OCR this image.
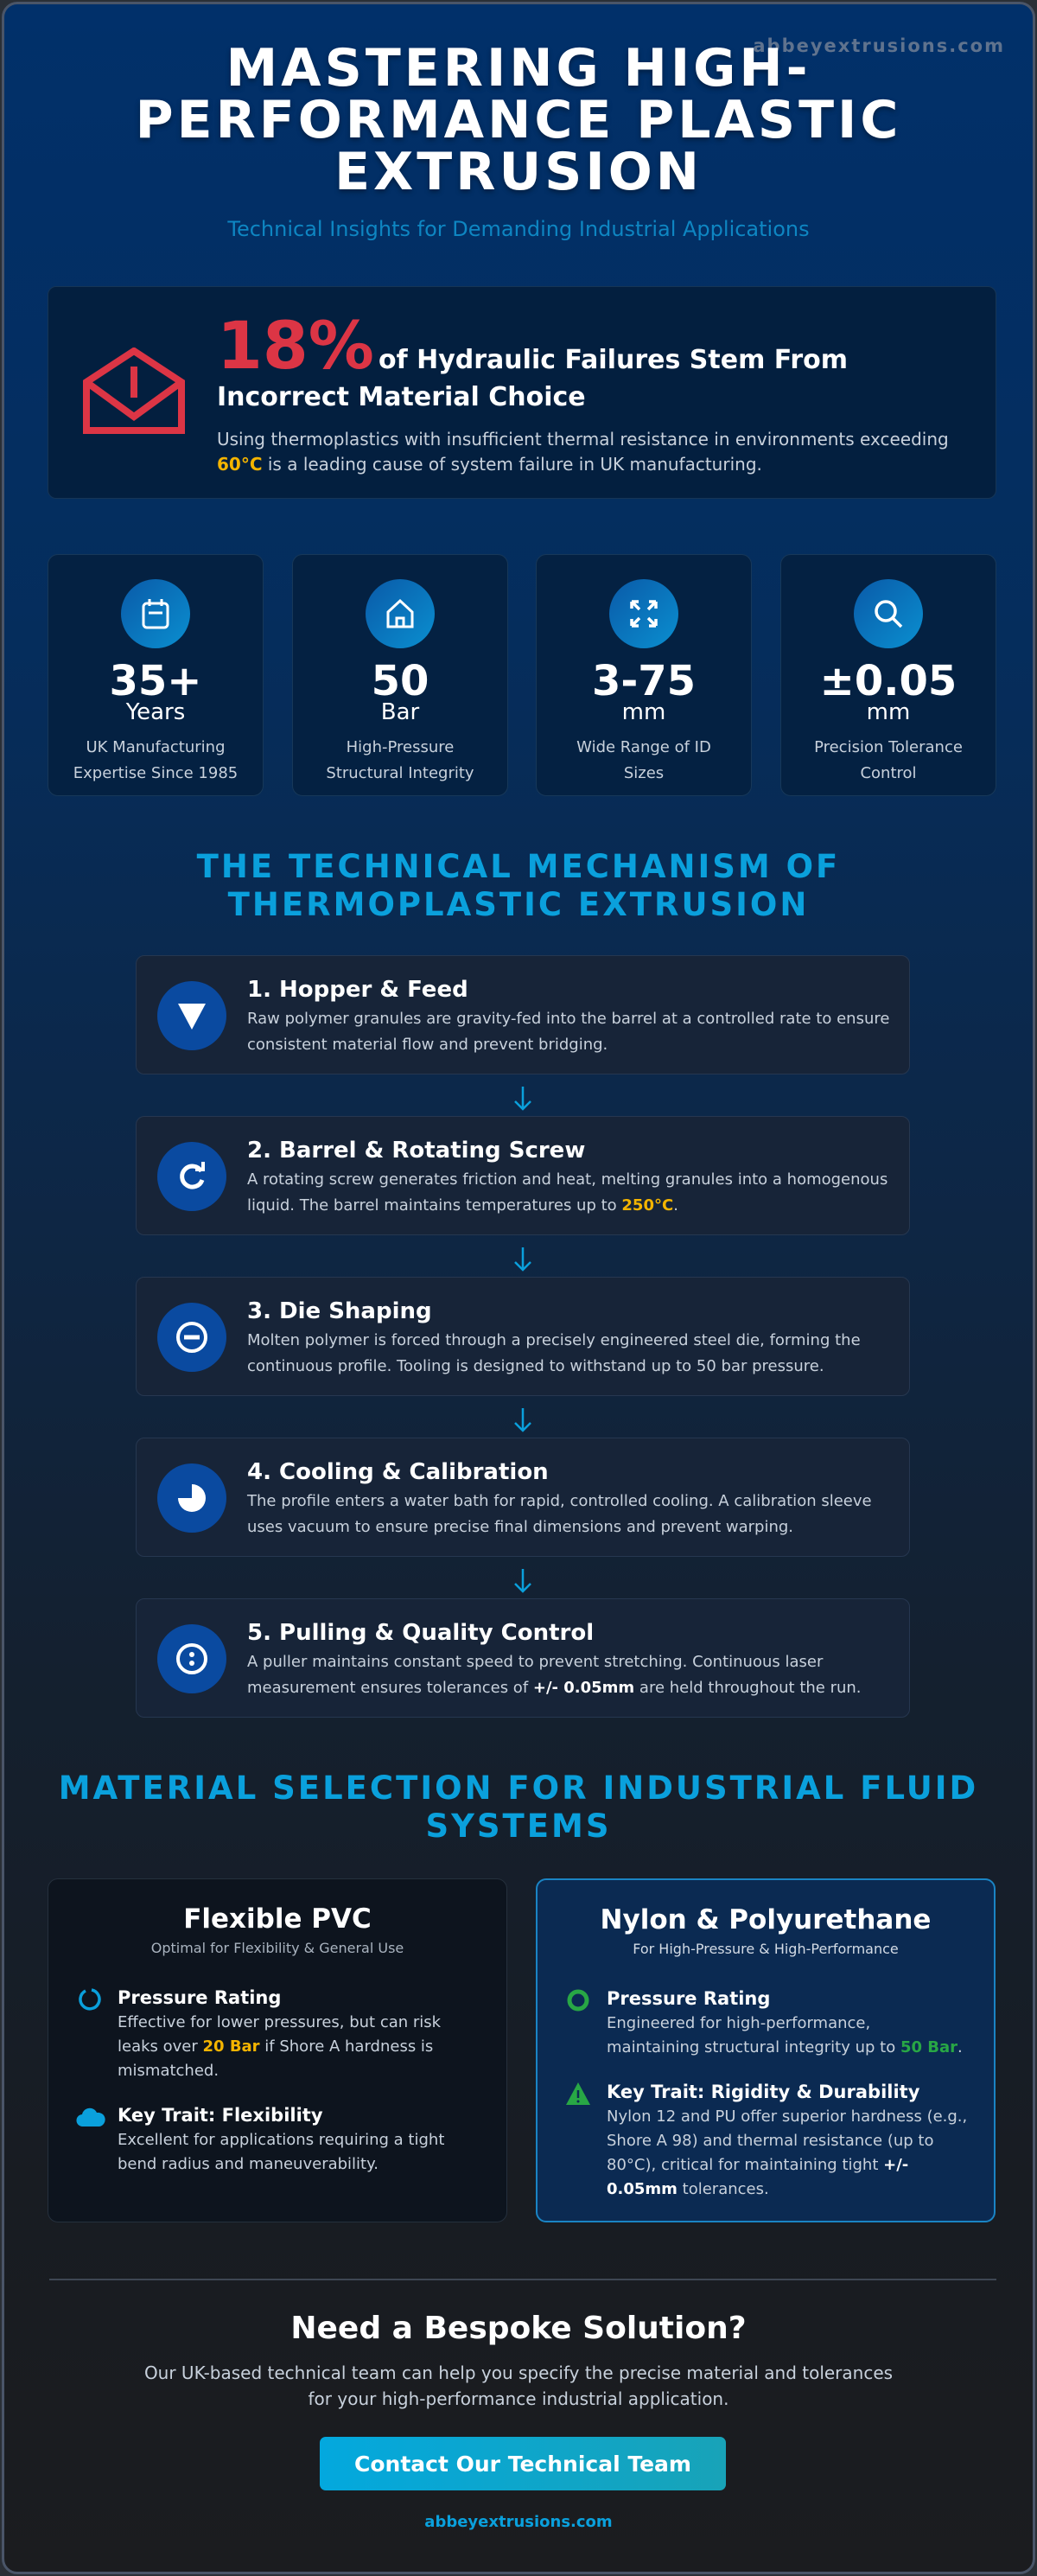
abbeyextrusions.com
MASTERING HIGH-PERFORMANCE PLASTIC EXTRUSION
Technical Insights for Demanding Industrial Applications
18% of Hydraulic Failures Stem From Incorrect Material Choice
Using thermoplastics with insufficient thermal resistance in environments exceeding 60°C is a leading cause of system failure in UK manufacturing.
35+
Years
UK Manufacturing Expertise Since 1985
50
Bar
High-Pressure Structural Integrity
3-75
mm
Wide Range of ID Sizes
±0.05
mm
Precision Tolerance Control
THE TECHNICAL MECHANISM OF THERMOPLASTIC EXTRUSION
1. Hopper & Feed
Raw polymer granules are gravity-fed into the barrel at a controlled rate to ensure consistent material flow and prevent bridging.
2. Barrel & Rotating Screw
A rotating screw generates friction and heat, melting granules into a homogenous liquid. The barrel maintains temperatures up to 250°C.
3. Die Shaping
Molten polymer is forced through a precisely engineered steel die, forming the continuous profile. Tooling is designed to withstand up to 50 bar pressure.
4. Cooling & Calibration
The profile enters a water bath for rapid, controlled cooling. A calibration sleeve uses vacuum to ensure precise final dimensions and prevent warping.
5. Pulling & Quality Control
A puller maintains constant speed to prevent stretching. Continuous laser measurement ensures tolerances of +/- 0.05mm are held throughout the run.
MATERIAL SELECTION FOR INDUSTRIAL FLUID SYSTEMS
Flexible PVC
Optimal for Flexibility & General Use
Pressure Rating
Effective for lower pressures, but can risk leaks over 20 Bar if Shore A hardness is mismatched.
Key Trait: Flexibility
Excellent for applications requiring a tight bend radius and maneuverability.
Nylon & Polyurethane
For High-Pressure & High-Performance
Pressure Rating
Engineered for high-performance, maintaining structural integrity up to 50 Bar.
Key Trait: Rigidity & Durability
Nylon 12 and PU offer superior hardness (e.g., Shore A 98) and thermal resistance (up to 80°C), critical for maintaining tight +/- 0.05mm tolerances.
Need a Bespoke Solution?

Our UK-based technical team can help you specify the precise material and tolerances for your high-performance industrial application.

Contact Our Technical Team
abbeyextrusions.com
